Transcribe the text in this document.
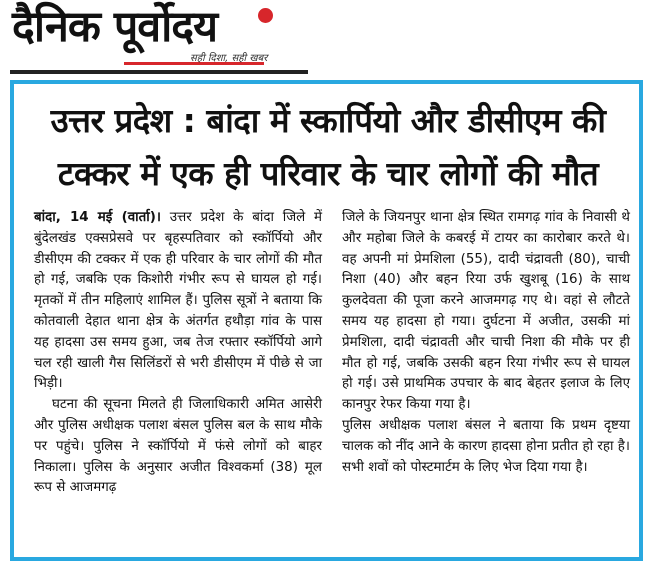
दैनिक पूर्वोदय
सही दिशा, सही खबर
उत्तर प्रदेश : बांदा में स्कार्पियो और डीसीएम की टक्कर में एक ही परिवार के चार लोगों की मौत

बांदा, 14 मई (वार्ता)। उत्तर प्रदेश के बांदा जिले में बुंदेलखंड एक्सप्रेसवे पर बृहस्पतिवार को स्कॉर्पियो और डीसीएम की टक्कर में एक ही परिवार के चार लोगों की मौत हो गई, जबकि एक किशोरी गंभीर रूप से घायल हो गई। मृतकों में तीन महिलाएं शामिल हैं। पुलिस सूत्रों ने बताया कि कोतवाली देहात थाना क्षेत्र के अंतर्गत हथौड़ा गांव के पास यह हादसा उस समय हुआ, जब तेज रफ्तार स्कॉर्पियो आगे चल रही खाली गैस सिलिंडरों से भरी डीसीएम में पीछे से जा भिड़ी।

घटना की सूचना मिलते ही जिलाधिकारी अमित आसेरी और पुलिस अधीक्षक पलाश बंसल पुलिस बल के साथ मौके पर पहुंचे। पुलिस ने स्कॉर्पियो में फंसे लोगों को बाहर निकाला। पुलिस के अनुसार अजीत विश्वकर्मा (38) मूल रूप से आजमगढ़

जिले के जियनपुर थाना क्षेत्र स्थित रामगढ़ गांव के निवासी थे और महोबा जिले के कबरई में टायर का कारोबार करते थे। वह अपनी मां प्रेमशिला (55), दादी चंद्रावती (80), चाची निशा (40) और बहन रिया उर्फ खुशबू (16) के साथ कुलदेवता की पूजा करने आजमगढ़ गए थे। वहां से लौटते समय यह हादसा हो गया। दुर्घटना में अजीत, उसकी मां प्रेमशिला, दादी चंद्रावती और चाची निशा की मौके पर ही मौत हो गई, जबकि उसकी बहन रिया गंभीर रूप से घायल हो गई। उसे प्राथमिक उपचार के बाद बेहतर इलाज के लिए कानपुर रेफर किया गया है।

पुलिस अधीक्षक पलाश बंसल ने बताया कि प्रथम दृष्टया चालक को नींद आने के कारण हादसा होना प्रतीत हो रहा है। सभी शवों को पोस्टमार्टम के लिए भेज दिया गया है।
